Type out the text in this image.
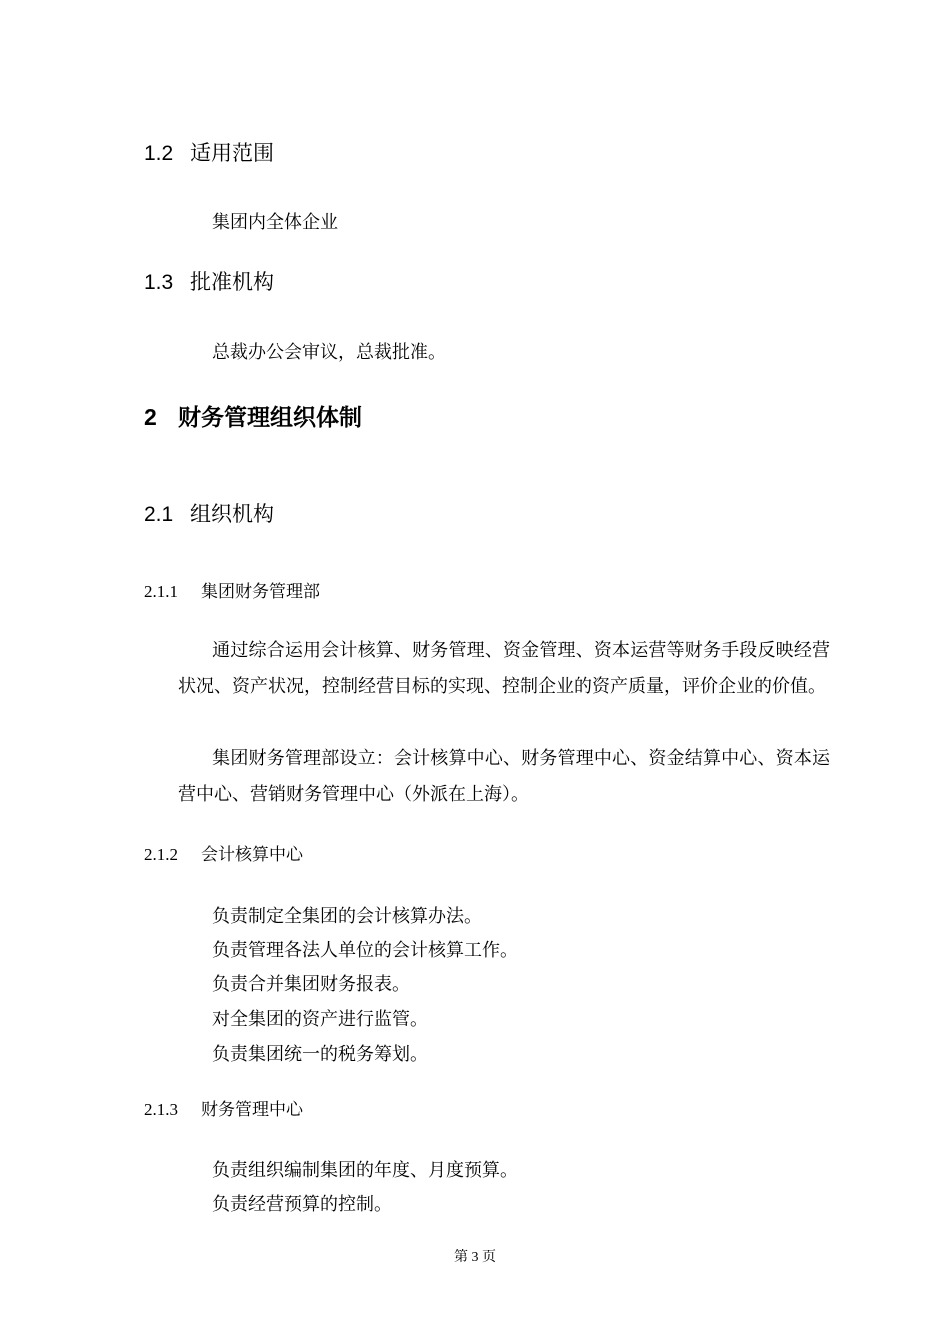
1.2 适用范围
集团内全体企业
1.3 批准机构
总裁办公会审议，总裁批准。
2 财务管理组织体制
2.1 组织机构
2.1.1 集团财务管理部
通过综合运用会计核算、财务管理、资金管理、资本运营等财务手段反映经营状况、资产状况，控制经营目标的实现、控制企业的资产质量，评价企业的价值。
集团财务管理部设立：会计核算中心、财务管理中心、资金结算中心、资本运营中心、营销财务管理中心（外派在上海）。
2.1.2 会计核算中心
负责制定全集团的会计核算办法。
负责管理各法人单位的会计核算工作。
负责合并集团财务报表。
对全集团的资产进行监管。
负责集团统一的税务筹划。
2.1.3 财务管理中心
负责组织编制集团的年度、月度预算。
负责经营预算的控制。
第 3 页
